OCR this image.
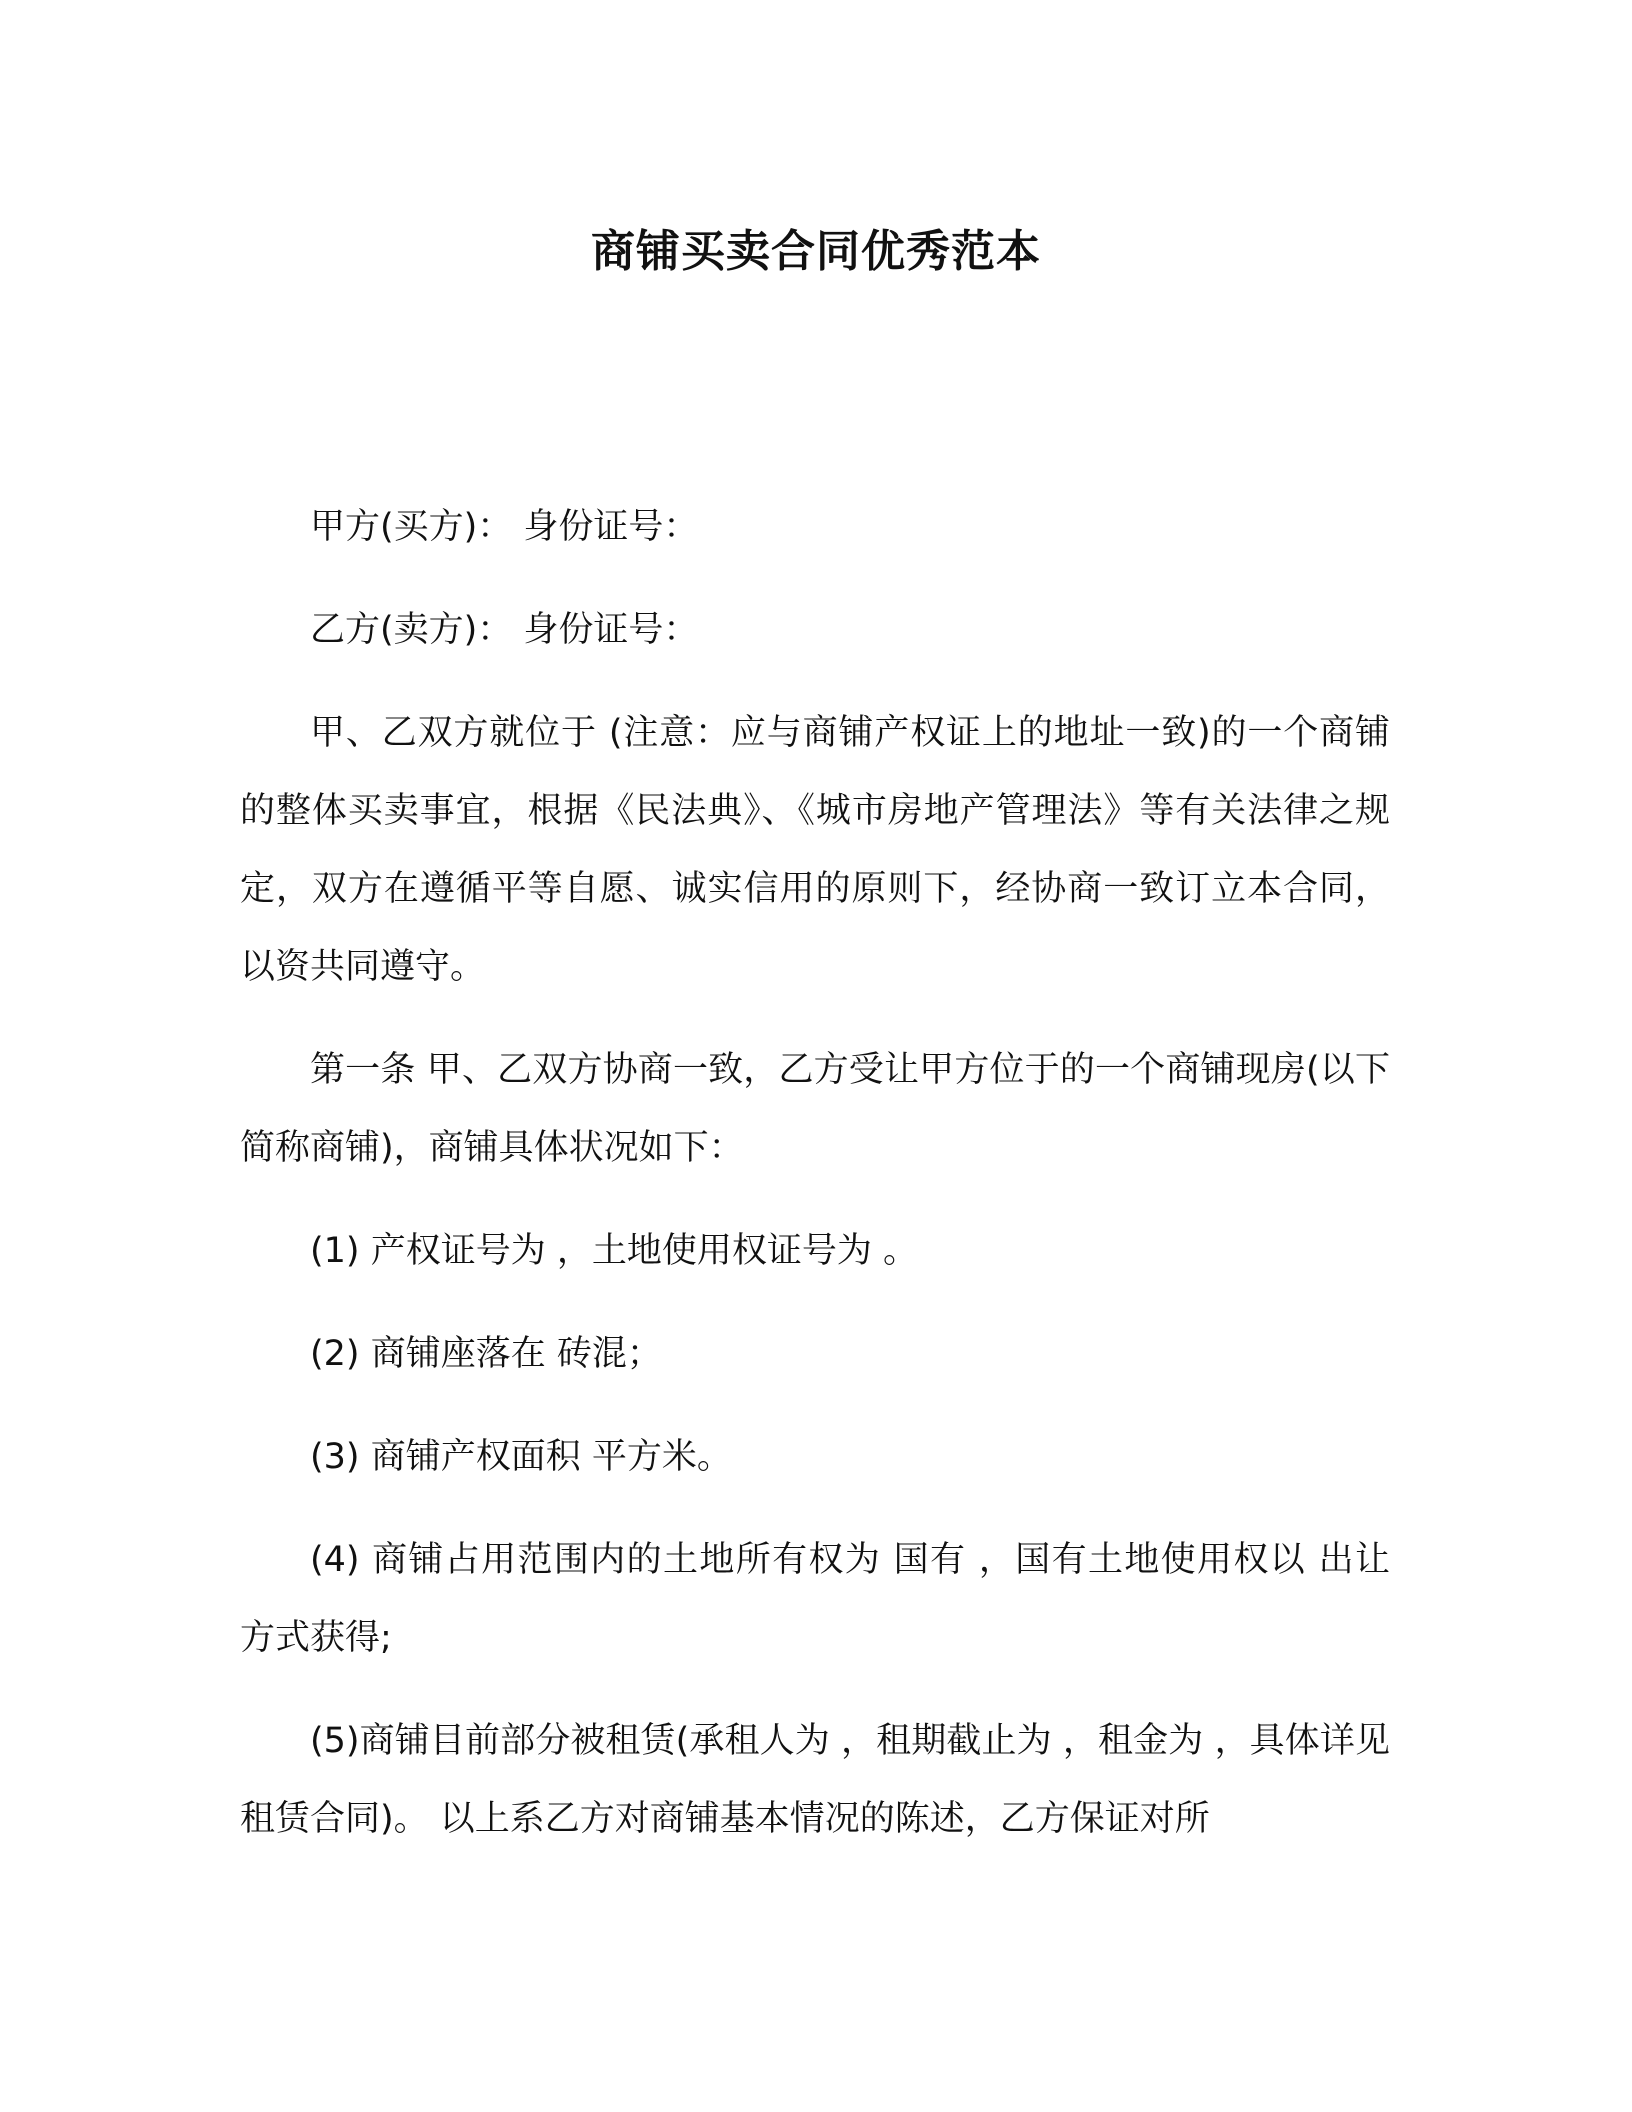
商铺买卖合同优秀范本

甲方(买方)： 身份证号：

乙方(卖方)： 身份证号：

甲、乙双方就位于 (注意：应与商铺产权证上的地址一致)的一个商铺的整体买卖事宜，根据《民法典》、《城市房地产管理法》等有关法律之规定，双方在遵循平等自愿、诚实信用的原则下，经协商一致订立本合同，以资共同遵守。

第一条 甲、乙双方协商一致，乙方受让甲方位于的一个商铺现房(以下简称商铺)，商铺具体状况如下：

(1) 产权证号为 ，土地使用权证号为 。

(2) 商铺座落在 砖混；

(3) 商铺产权面积 平方米。

(4) 商铺占用范围内的土地所有权为 国有 ，国有土地使用权以 出让 方式获得;

(5)商铺目前部分被租赁(承租人为 ，租期截止为 ，租金为 ，具体详见租赁合同)。 以上系乙方对商铺基本情况的陈述，乙方保证对所
